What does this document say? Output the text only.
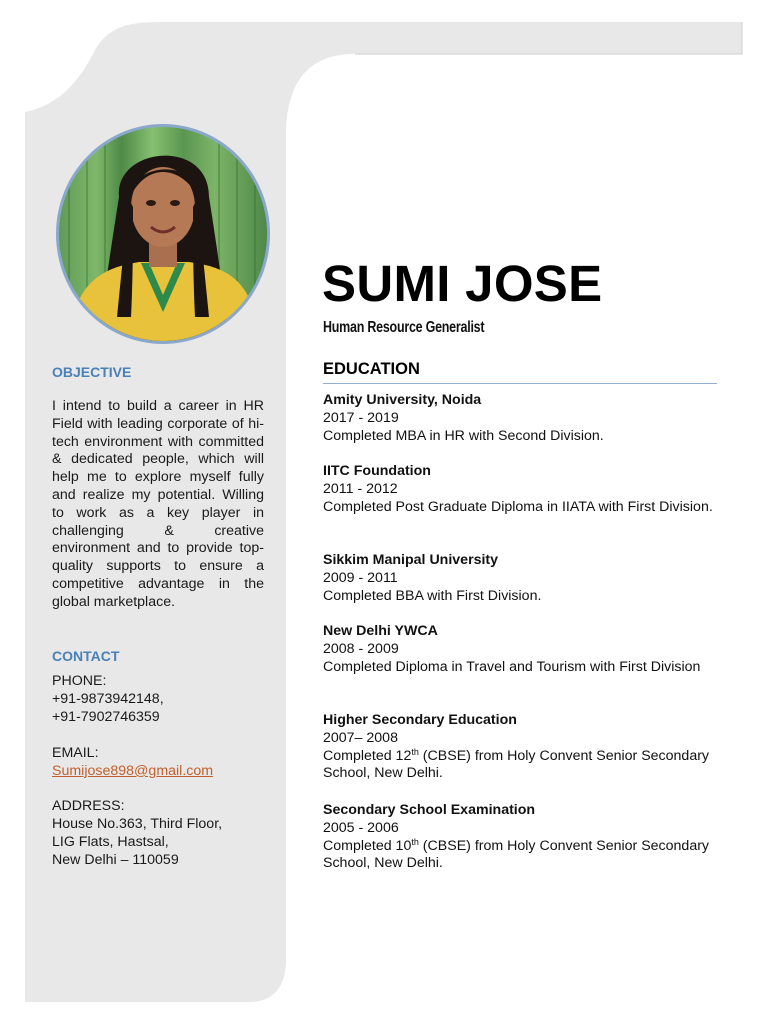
OBJECTIVE

I intend to build a career in HR Field with leading corporate of hi-tech environment with committed & dedicated people, which will help me to explore myself fully and realize my potential. Willing to work as a key player in challenging & creative environment and to provide top-quality supports to ensure a competitive advantage in the global marketplace.

CONTACT
PHONE:
+91-9873942148,
+91-7902746359
EMAIL:
Sumijose898@gmail.com
ADDRESS:
House No.363, Third Floor,
LIG Flats, Hastsal,
New Delhi – 110059
SUMI JOSE
Human Resource Generalist
EDUCATION
Amity University, Noida
2017 - 2019
Completed MBA in HR with Second Division.
IITC Foundation
2011 - 2012
Completed Post Graduate Diploma in IIATA with First Division.
Sikkim Manipal University
2009 - 2011
Completed BBA with First Division.
New Delhi YWCA
2008 - 2009
Completed Diploma in Travel and Tourism with First Division
Higher Secondary Education
2007– 2008
Completed 12th (CBSE) from Holy Convent Senior Secondary School, New Delhi.
Secondary School Examination
2005 - 2006
Completed 10th (CBSE) from Holy Convent Senior Secondary School, New Delhi.
